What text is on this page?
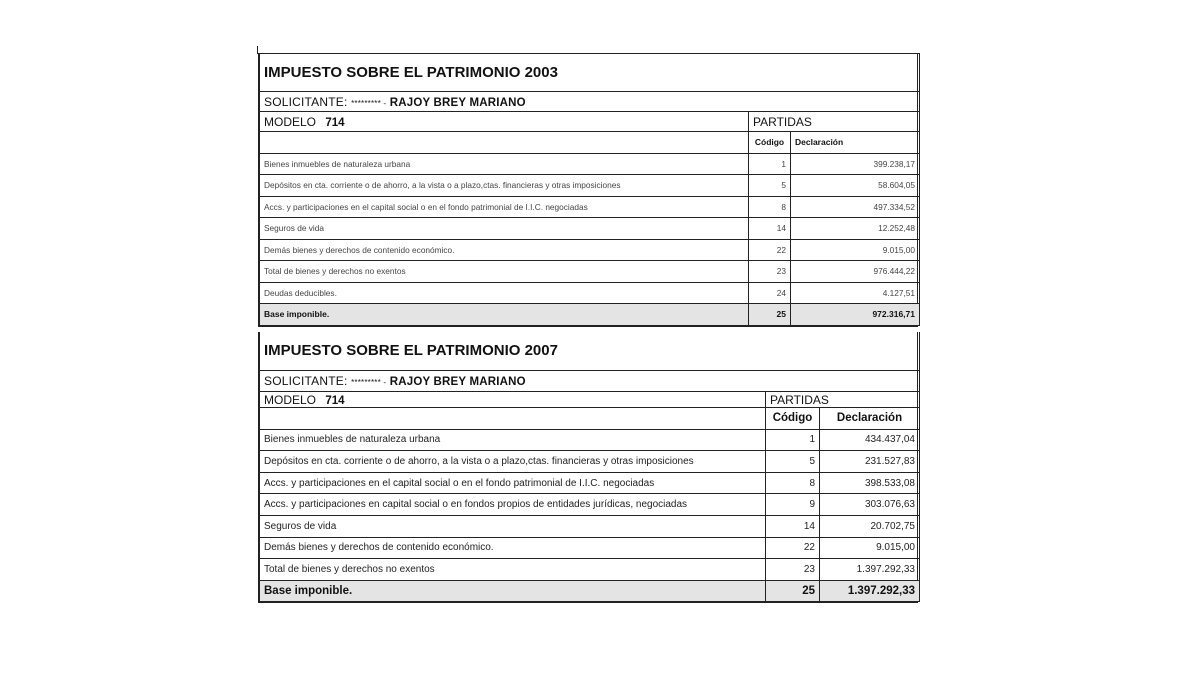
IMPUESTO SOBRE EL PATRIMONIO 2003		
SOLICITANTE: ********* - RAJOY BREY MARIANO		
MODELO 714	PARTIDAS	
	Código	Declaración
Bienes inmuebles de naturaleza urbana	1	399.238,17
Depósitos en cta. corriente o de ahorro, a la vista o a plazo,ctas. financieras y otras imposiciones	5	58.604,05
Accs. y participaciones en el capital social o en el fondo patrimonial de I.I.C. negociadas	8	497.334,52
Seguros de vida	14	12.252,48
Demás bienes y derechos de contenido económico.	22	9.015,00
Total de bienes y derechos no exentos	23	976.444,22
Deudas deducibles.	24	4.127,51
Base imponible.	25	972.316,71
IMPUESTO SOBRE EL PATRIMONIO 2007		
SOLICITANTE: ********* - RAJOY BREY MARIANO		
MODELO 714	PARTIDAS	
	Código	Declaración
Bienes inmuebles de naturaleza urbana	1	434.437,04
Depósitos en cta. corriente o de ahorro, a la vista o a plazo,ctas. financieras y otras imposiciones	5	231.527,83
Accs. y participaciones en el capital social o en el fondo patrimonial de I.I.C. negociadas	8	398.533,08
Accs. y participaciones en capital social o en fondos propios de entidades jurídicas, negociadas	9	303.076,63
Seguros de vida	14	20.702,75
Demás bienes y derechos de contenido económico.	22	9.015,00
Total de bienes y derechos no exentos	23	1.397.292,33
Base imponible.	25	1.397.292,33
